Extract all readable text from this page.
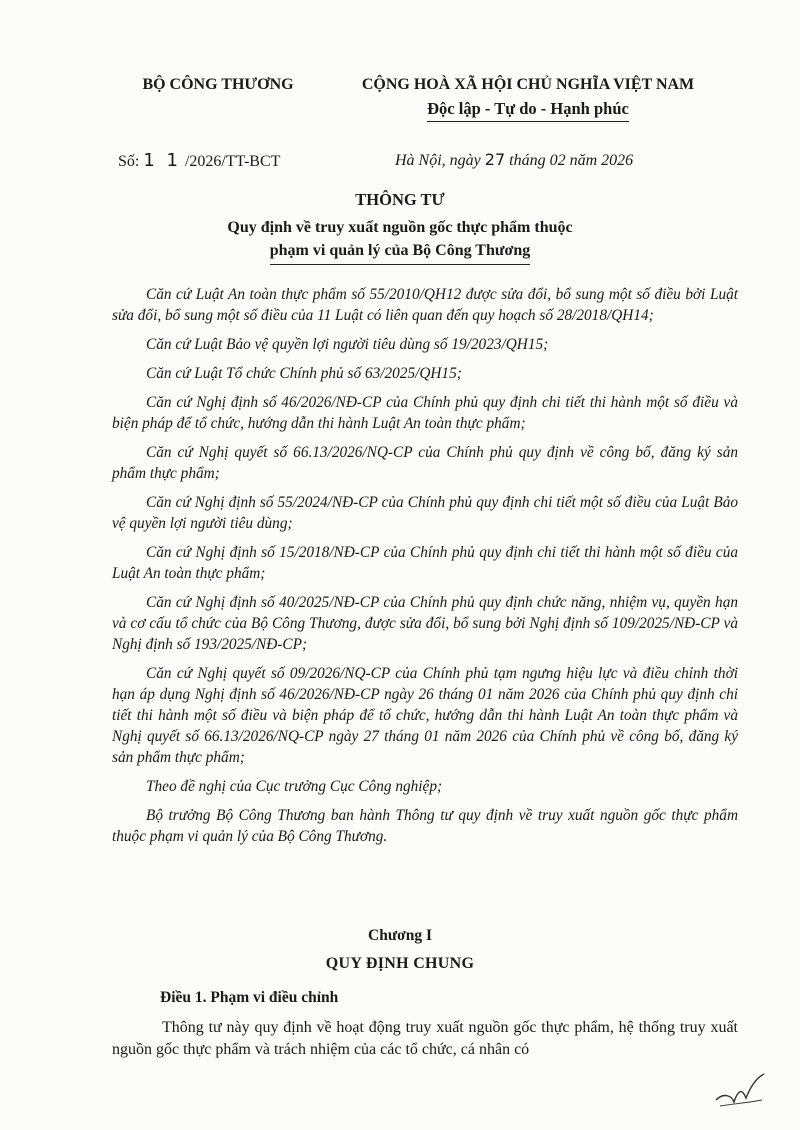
BỘ CÔNG THƯƠNG	CỘNG HOÀ XÃ HỘI CHỦ NGHĨA VIỆT NAM
Độc lập - Tự do - Hạnh phúc
Số: 1 1 /2026/TT-BCT	Hà Nội, ngày 27 tháng 02 năm 2026
THÔNG TƯ
Quy định về truy xuất nguồn gốc thực phẩm thuộc
phạm vi quản lý của Bộ Công Thương

Căn cứ Luật An toàn thực phẩm số 55/2010/QH12 được sửa đổi, bổ sung một số điều bởi Luật sửa đổi, bổ sung một số điều của 11 Luật có liên quan đến quy hoạch số 28/2018/QH14;

Căn cứ Luật Bảo vệ quyền lợi người tiêu dùng số 19/2023/QH15;

Căn cứ Luật Tổ chức Chính phủ số 63/2025/QH15;

Căn cứ Nghị định số 46/2026/NĐ-CP của Chính phủ quy định chi tiết thi hành một số điều và biện pháp để tổ chức, hướng dẫn thi hành Luật An toàn thực phẩm;

Căn cứ Nghị quyết số 66.13/2026/NQ-CP của Chính phủ quy định về công bố, đăng ký sản phẩm thực phẩm;

Căn cứ Nghị định số 55/2024/NĐ-CP của Chính phủ quy định chi tiết một số điều của Luật Bảo vệ quyền lợi người tiêu dùng;

Căn cứ Nghị định số 15/2018/NĐ-CP của Chính phủ quy định chi tiết thi hành một số điều của Luật An toàn thực phẩm;

Căn cứ Nghị định số 40/2025/NĐ-CP của Chính phủ quy định chức năng, nhiệm vụ, quyền hạn và cơ cấu tổ chức của Bộ Công Thương, được sửa đổi, bổ sung bởi Nghị định số 109/2025/NĐ-CP và Nghị định số 193/2025/NĐ-CP;

Căn cứ Nghị quyết số 09/2026/NQ-CP của Chính phủ tạm ngưng hiệu lực và điều chỉnh thời hạn áp dụng Nghị định số 46/2026/NĐ-CP ngày 26 tháng 01 năm 2026 của Chính phủ quy định chi tiết thi hành một số điều và biện pháp để tổ chức, hướng dẫn thi hành Luật An toàn thực phẩm và Nghị quyết số 66.13/2026/NQ-CP ngày 27 tháng 01 năm 2026 của Chính phủ về công bố, đăng ký sản phẩm thực phẩm;

Theo đề nghị của Cục trưởng Cục Công nghiệp;

Bộ trưởng Bộ Công Thương ban hành Thông tư quy định về truy xuất nguồn gốc thực phẩm thuộc phạm vi quản lý của Bộ Công Thương.

Chương I
QUY ĐỊNH CHUNG
Điều 1. Phạm vi điều chỉnh

Thông tư này quy định về hoạt động truy xuất nguồn gốc thực phẩm, hệ thống truy xuất nguồn gốc thực phẩm và trách nhiệm của các tổ chức, cá nhân có
